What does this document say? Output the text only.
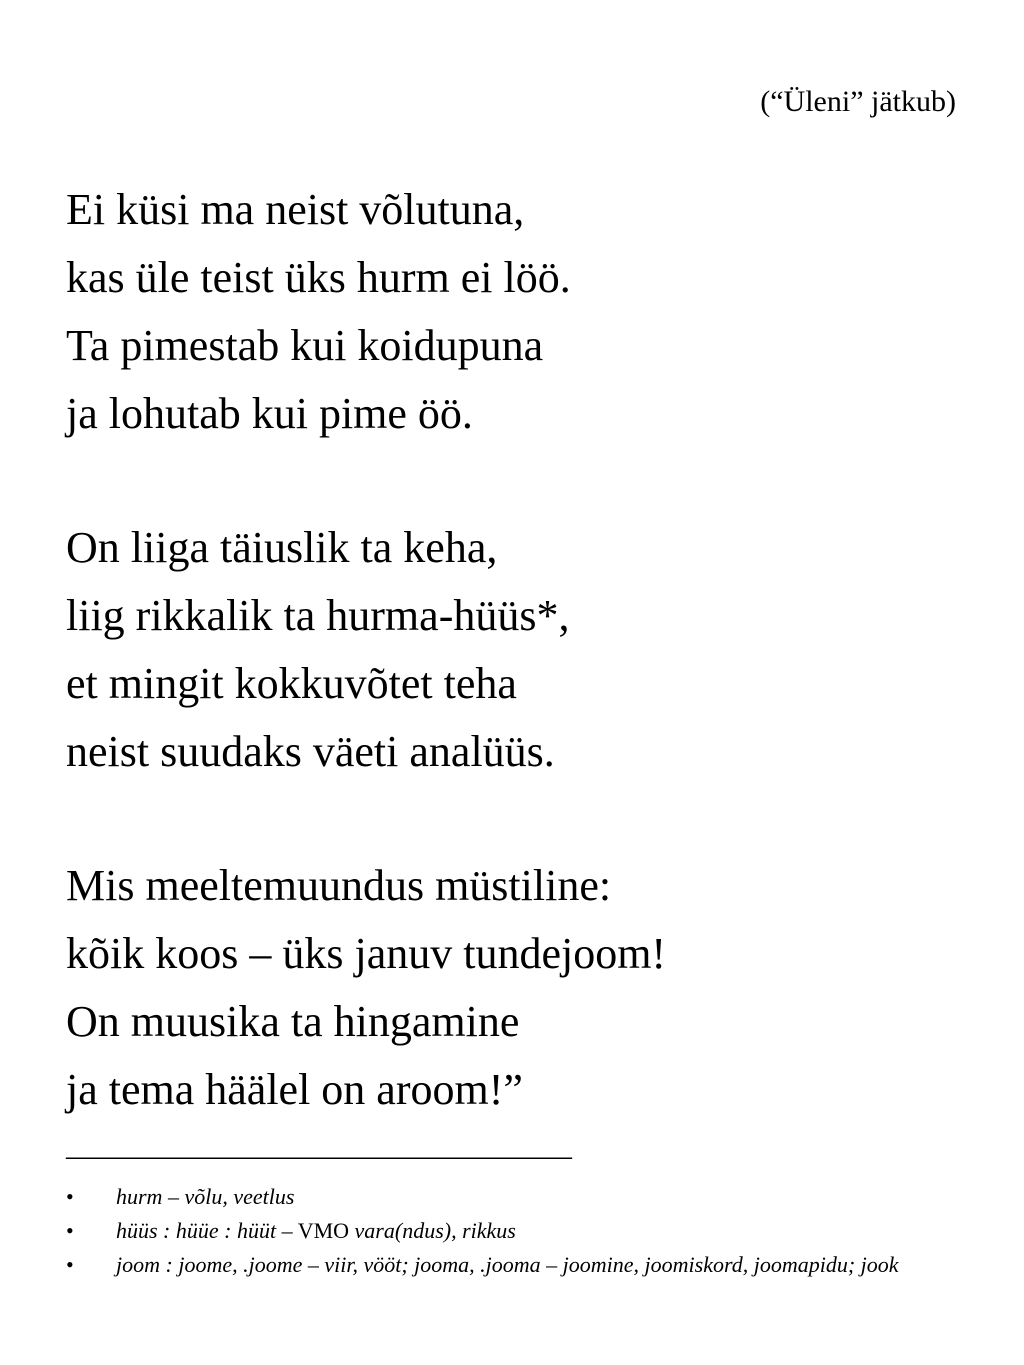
(“Üleni” jätkub)
Ei küsi ma neist võlutuna,
kas üle teist üks hurm ei löö.
Ta pimestab kui koidupuna
ja lohutab kui pime öö.
On liiga täiuslik ta keha,
liig rikkalik ta hurma-hüüs*,
et mingit kokkuvõtet teha
neist suudaks väeti analüüs.
Mis meeltemuundus müstiline:
kõik koos – üks januv tundejoom!
On muusika ta hingamine
ja tema häälel on aroom!”
——————————————————
• hurm – võlu, veetlus
• hüüs : hüüe : hüüt – VMO vara(ndus), rikkus
• joom : joome, .joome – viir, vööt; jooma, .jooma – joomine, joomiskord, joomapidu; jook
